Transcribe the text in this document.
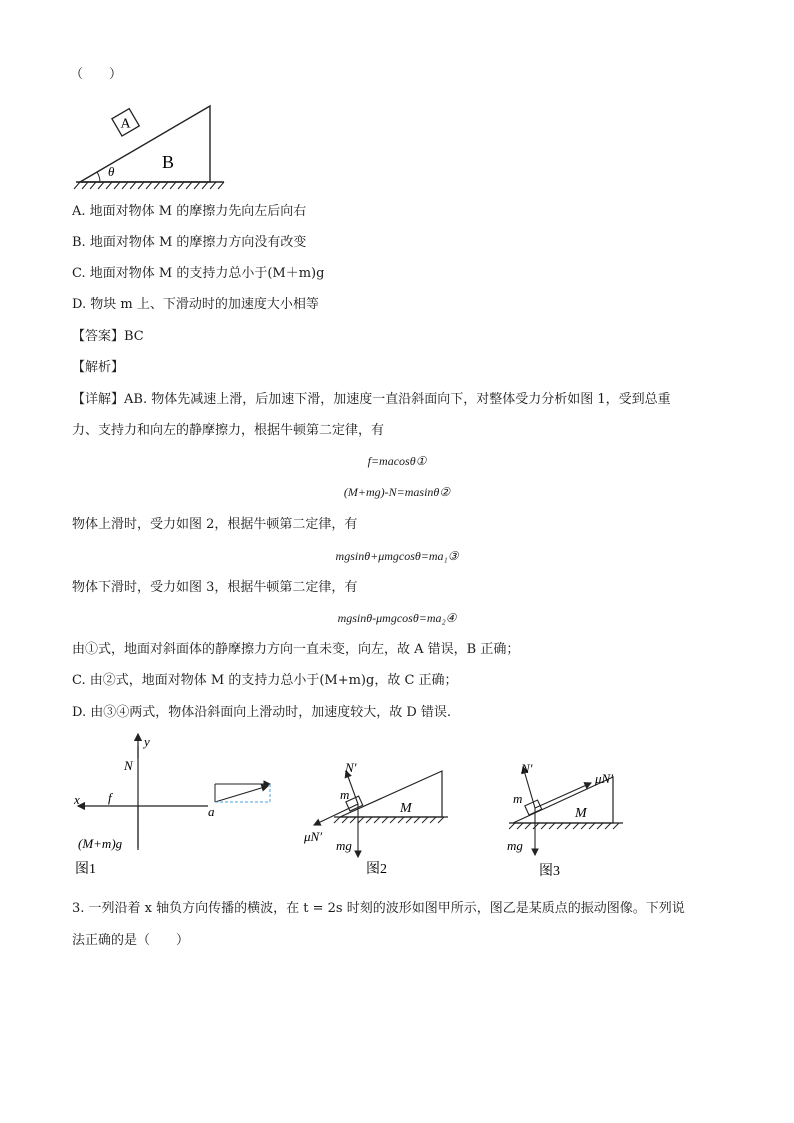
（　　）
A
B
θ
A. 地面对物体 M 的摩擦力先向左后向右
B. 地面对物体 M 的摩擦力方向没有改变
C. 地面对物体 M 的支持力总小于(M＋m)g
D. 物块 m 上、下滑动时的加速度大小相等
【答案】BC
【解析】
【详解】AB. 物体先减速上滑，后加速下滑，加速度一直沿斜面向下，对整体受力分析如图 1，受到总重
力、支持力和向左的静摩擦力，根据牛顿第二定律，有
f=macosθ①
(M+mg)-N=masinθ②
物体上滑时，受力如图 2，根据牛顿第二定律，有
mgsinθ+μmgcosθ=ma₁③
物体下滑时，受力如图 3，根据牛顿第二定律，有
mgsinθ-μmgcosθ=ma₂④
由①式，地面对斜面体的静摩擦力方向一直未变，向左，故 A 错误，B 正确；
C. 由②式，地面对物体 M 的支持力总小于(M+m)g，故 C 正确；
D. 由③④两式，物体沿斜面向上滑动时，加速度较大，故 D 错误.
y
N
x f
(M+m)g
图1
a
N′
m
M
μN′
mg
图2
N′
m
M
μN′
mg
图3
3. 一列沿着 x 轴负方向传播的横波，在 t = 2s 时刻的波形如图甲所示，图乙是某质点的振动图像。下列说
法正确的是（　　）
